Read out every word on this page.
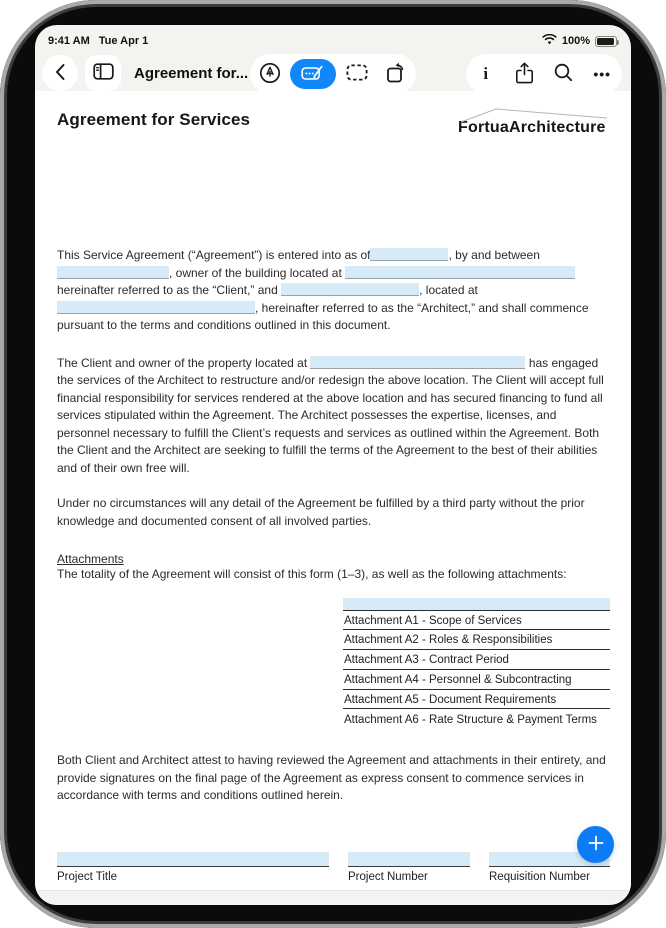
9:41 AM Tue Apr 1	100%
Agreement for...	i	•••
Agreement for Services	FortuaArchitecture

This Service Agreement (“Agreement”) is entered into as of	, by and between , owner of the building located at  hereinafter referred to as the “Client,” and	, located at , hereinafter referred to as the “Architect,” and shall commence pursuant to the terms and conditions outlined in this document.

The Client and owner of the property located at	has engaged the services of the Architect to restructure and/or redesign the above location. The Client will accept full financial responsibility for services rendered at the above location and has secured financing to fund all services stipulated within the Agreement. The Architect possesses the expertise, licenses, and personnel necessary to fulfill the Client’s requests and services as outlined within the Agreement. Both the Client and the Architect are seeking to fulfill the terms of the Agreement to the best of their abilities and of their own free will.

Under no circumstances will any detail of the Agreement be fulfilled by a third party without the prior knowledge and documented consent of all involved parties.

Attachments
The totality of the Agreement will consist of this form (1–3), as well as the following attachments:
Attachment A1 - Scope of Services
Attachment A2 - Roles & Responsibilities
Attachment A3 - Contract Period
Attachment A4 - Personnel & Subcontracting
Attachment A5 - Document Requirements
Attachment A6 - Rate Structure & Payment Terms

Both Client and Architect attest to having reviewed the Agreement and attachments in their entirety, and provide signatures on the final page of the Agreement as express consent to commence services in accordance with terms and conditions outlined herein.

Project Title	Project Number	Requisition Number
